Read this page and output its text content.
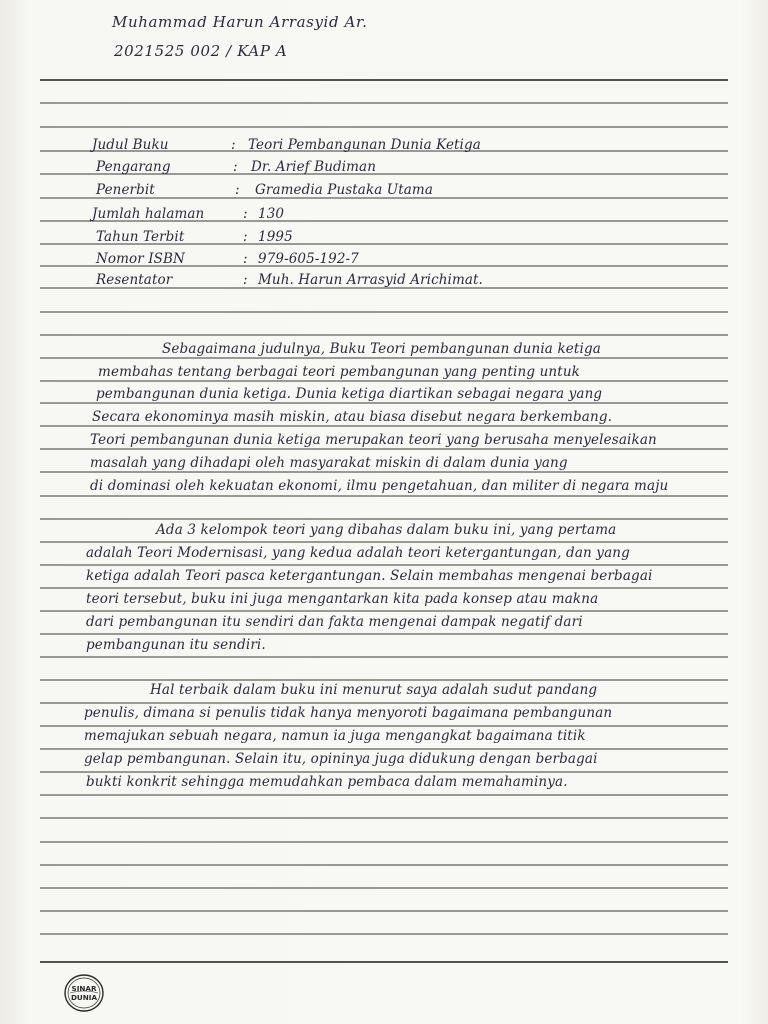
Muhammad Harun Arrasyid Ar.
2021525 002 / KAP A
Judul Buku	: Teori Pembangunan Dunia Ketiga
Pengarang	: Dr. Arief Budiman
Penerbit	: Gramedia Pustaka Utama
Jumlah halaman	: 130
Tahun Terbit	: 1995
Nomor ISBN	: 979-605-192-7
Resentator	: Muh. Harun Arrasyid Arichimat.
Sebagaimana judulnya, Buku Teori pembangunan dunia ketiga
membahas tentang berbagai teori pembangunan yang penting untuk
pembangunan dunia ketiga. Dunia ketiga diartikan sebagai negara yang
Secara ekonominya masih miskin, atau biasa disebut negara berkembang.
Teori pembangunan dunia ketiga merupakan teori yang berusaha menyelesaikan
masalah yang dihadapi oleh masyarakat miskin di dalam dunia yang
di dominasi oleh kekuatan ekonomi, ilmu pengetahuan, dan militer di negara maju
Ada 3 kelompok teori yang dibahas dalam buku ini, yang pertama
adalah Teori Modernisasi, yang kedua adalah teori ketergantungan, dan yang
ketiga adalah Teori pasca ketergantungan. Selain membahas mengenai berbagai
teori tersebut, buku ini juga mengantarkan kita pada konsep atau makna
dari pembangunan itu sendiri dan fakta mengenai dampak negatif dari
pembangunan itu sendiri.
Hal terbaik dalam buku ini menurut saya adalah sudut pandang
penulis, dimana si penulis tidak hanya menyoroti bagaimana pembangunan
memajukan sebuah negara, namun ia juga mengangkat bagaimana titik
gelap pembangunan. Selain itu, opininya juga didukung dengan berbagai
bukti konkrit sehingga memudahkan pembaca dalam memahaminya.
SINAR
DUNIA
